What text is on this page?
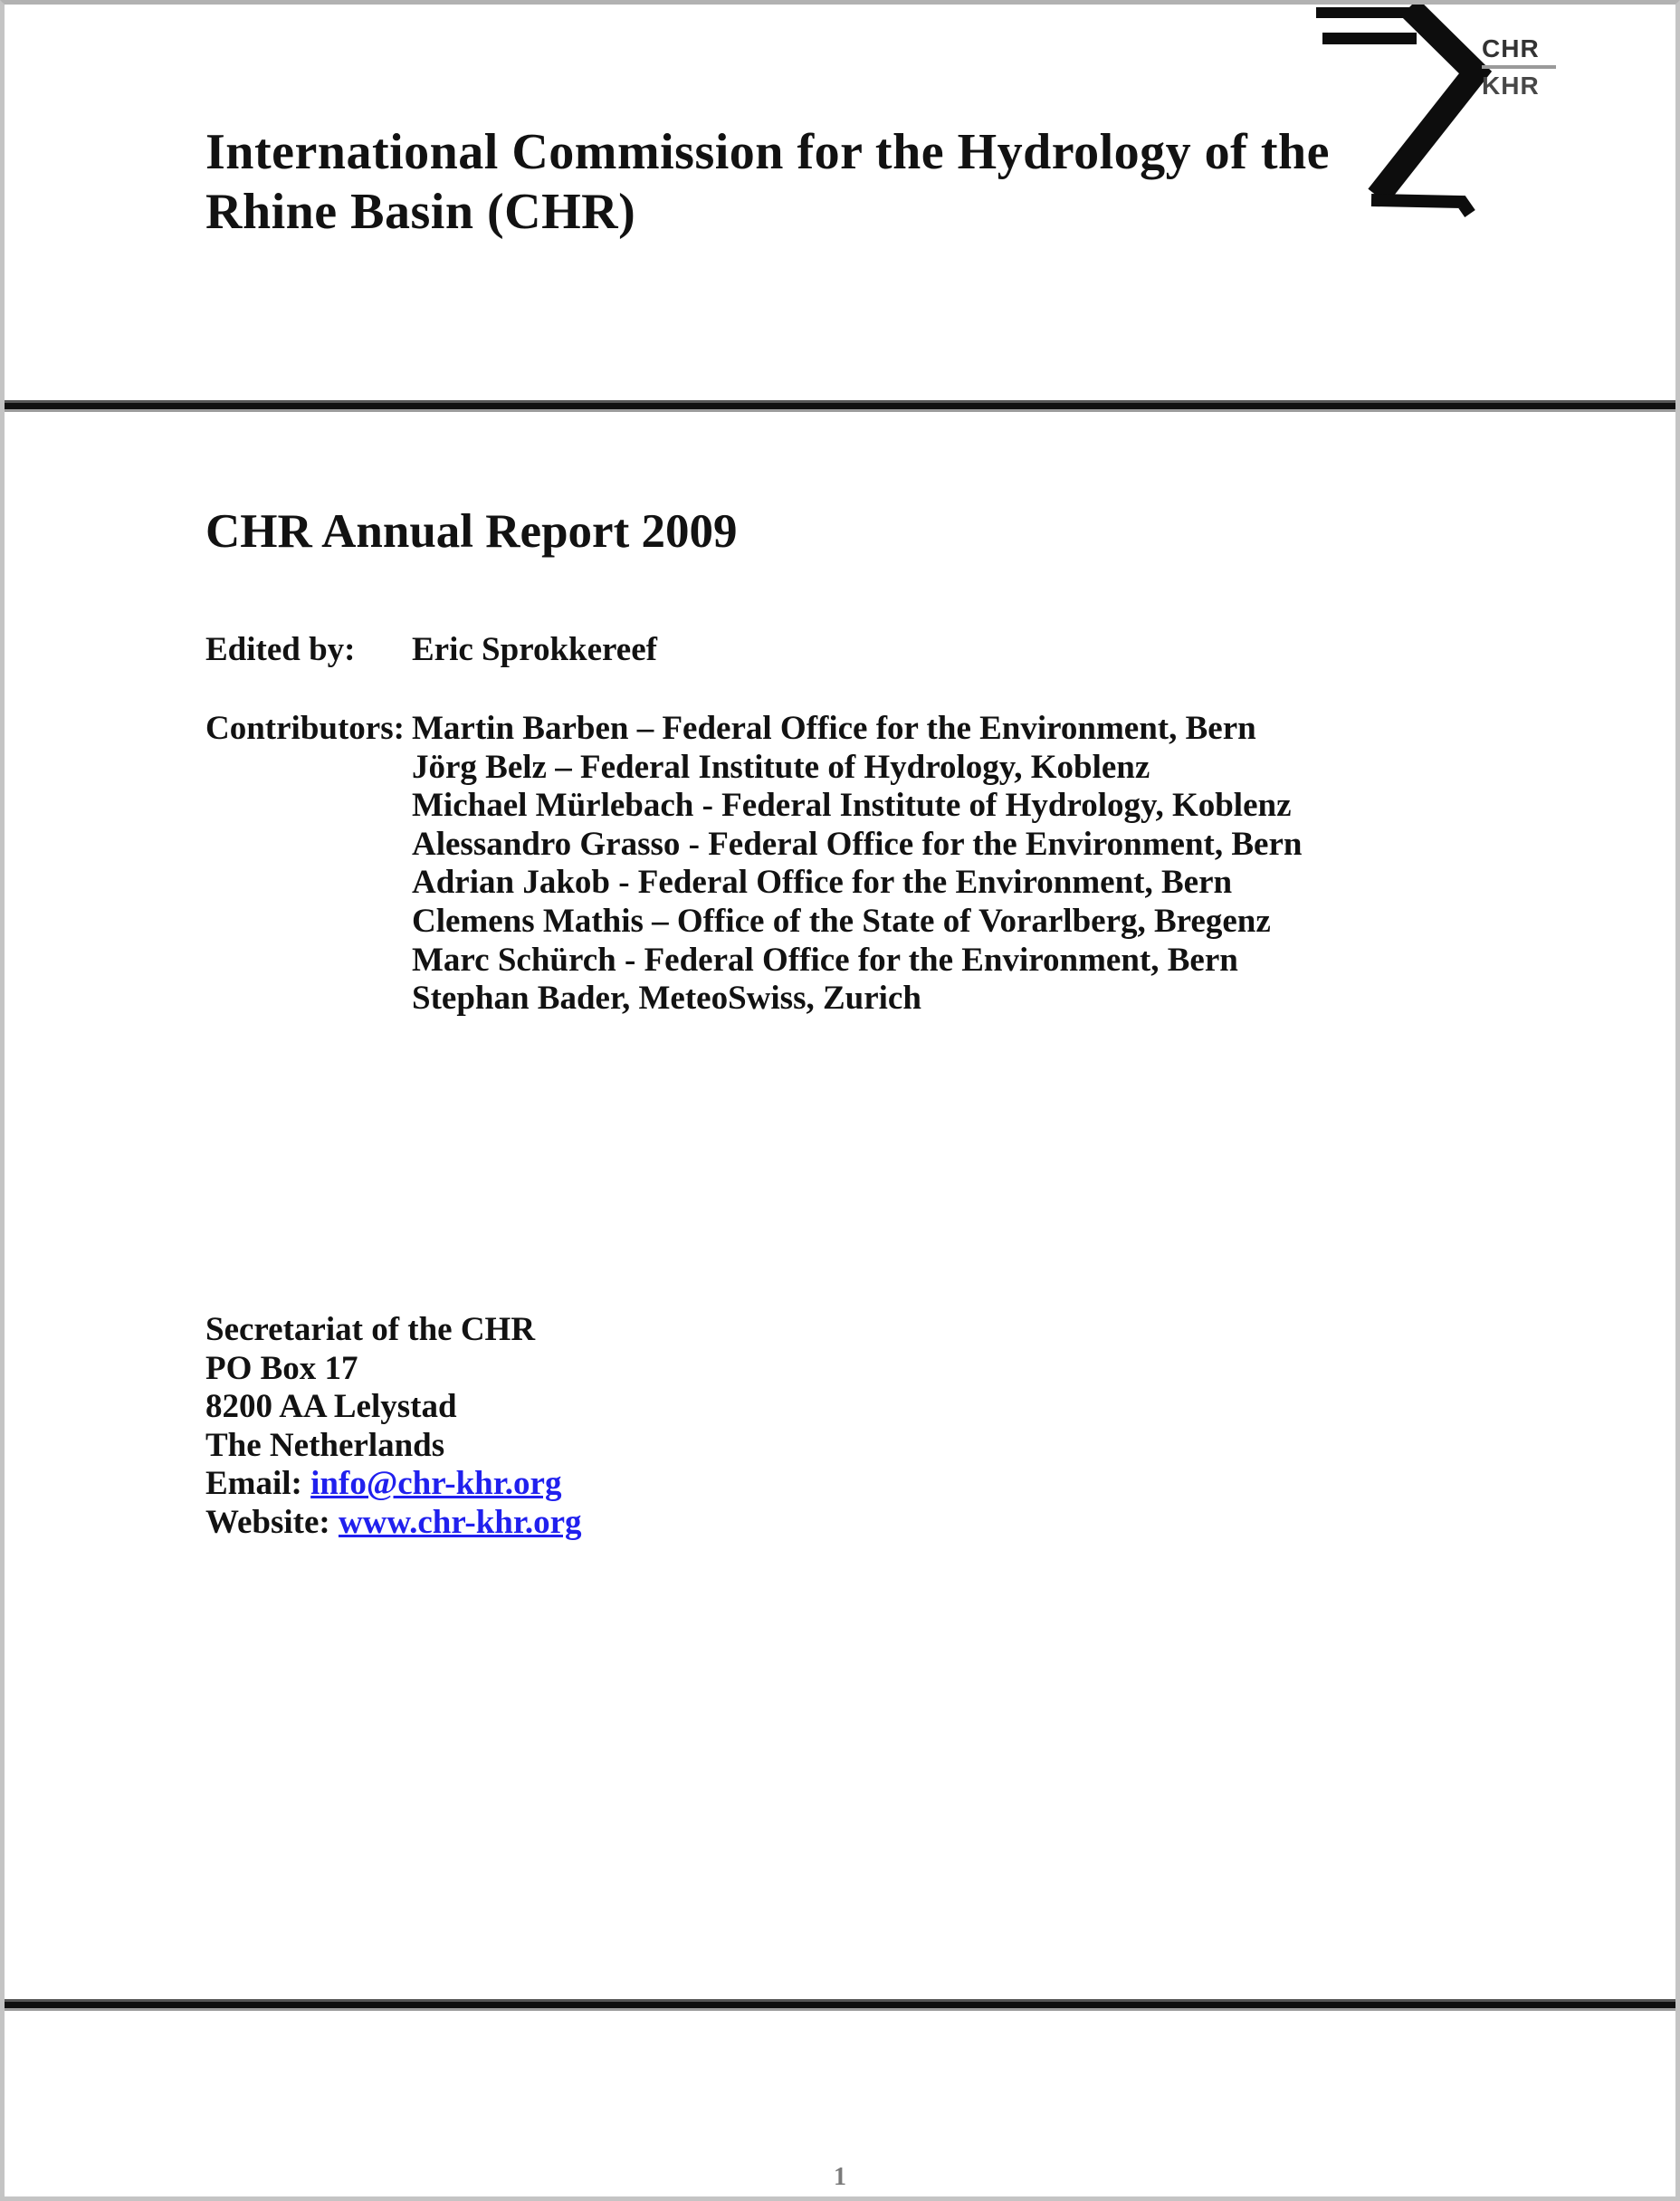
International Commission for the Hydrology of the
Rhine Basin (CHR)
CHR
KHR
CHR Annual Report 2009
Edited by: Eric Sprokkereef
Contributors: Martin Barben – Federal Office for the Environment, Bern
Jörg Belz – Federal Institute of Hydrology, Koblenz
Michael Mürlebach - Federal Institute of Hydrology, Koblenz
Alessandro Grasso - Federal Office for the Environment, Bern
Adrian Jakob - Federal Office for the Environment, Bern
Clemens Mathis – Office of the State of Vorarlberg, Bregenz
Marc Schürch - Federal Office for the Environment, Bern
Stephan Bader, MeteoSwiss, Zurich
Secretariat of the CHR
PO Box 17
8200 AA Lelystad
The Netherlands
Email: info@chr-khr.org
Website: www.chr-khr.org
1
